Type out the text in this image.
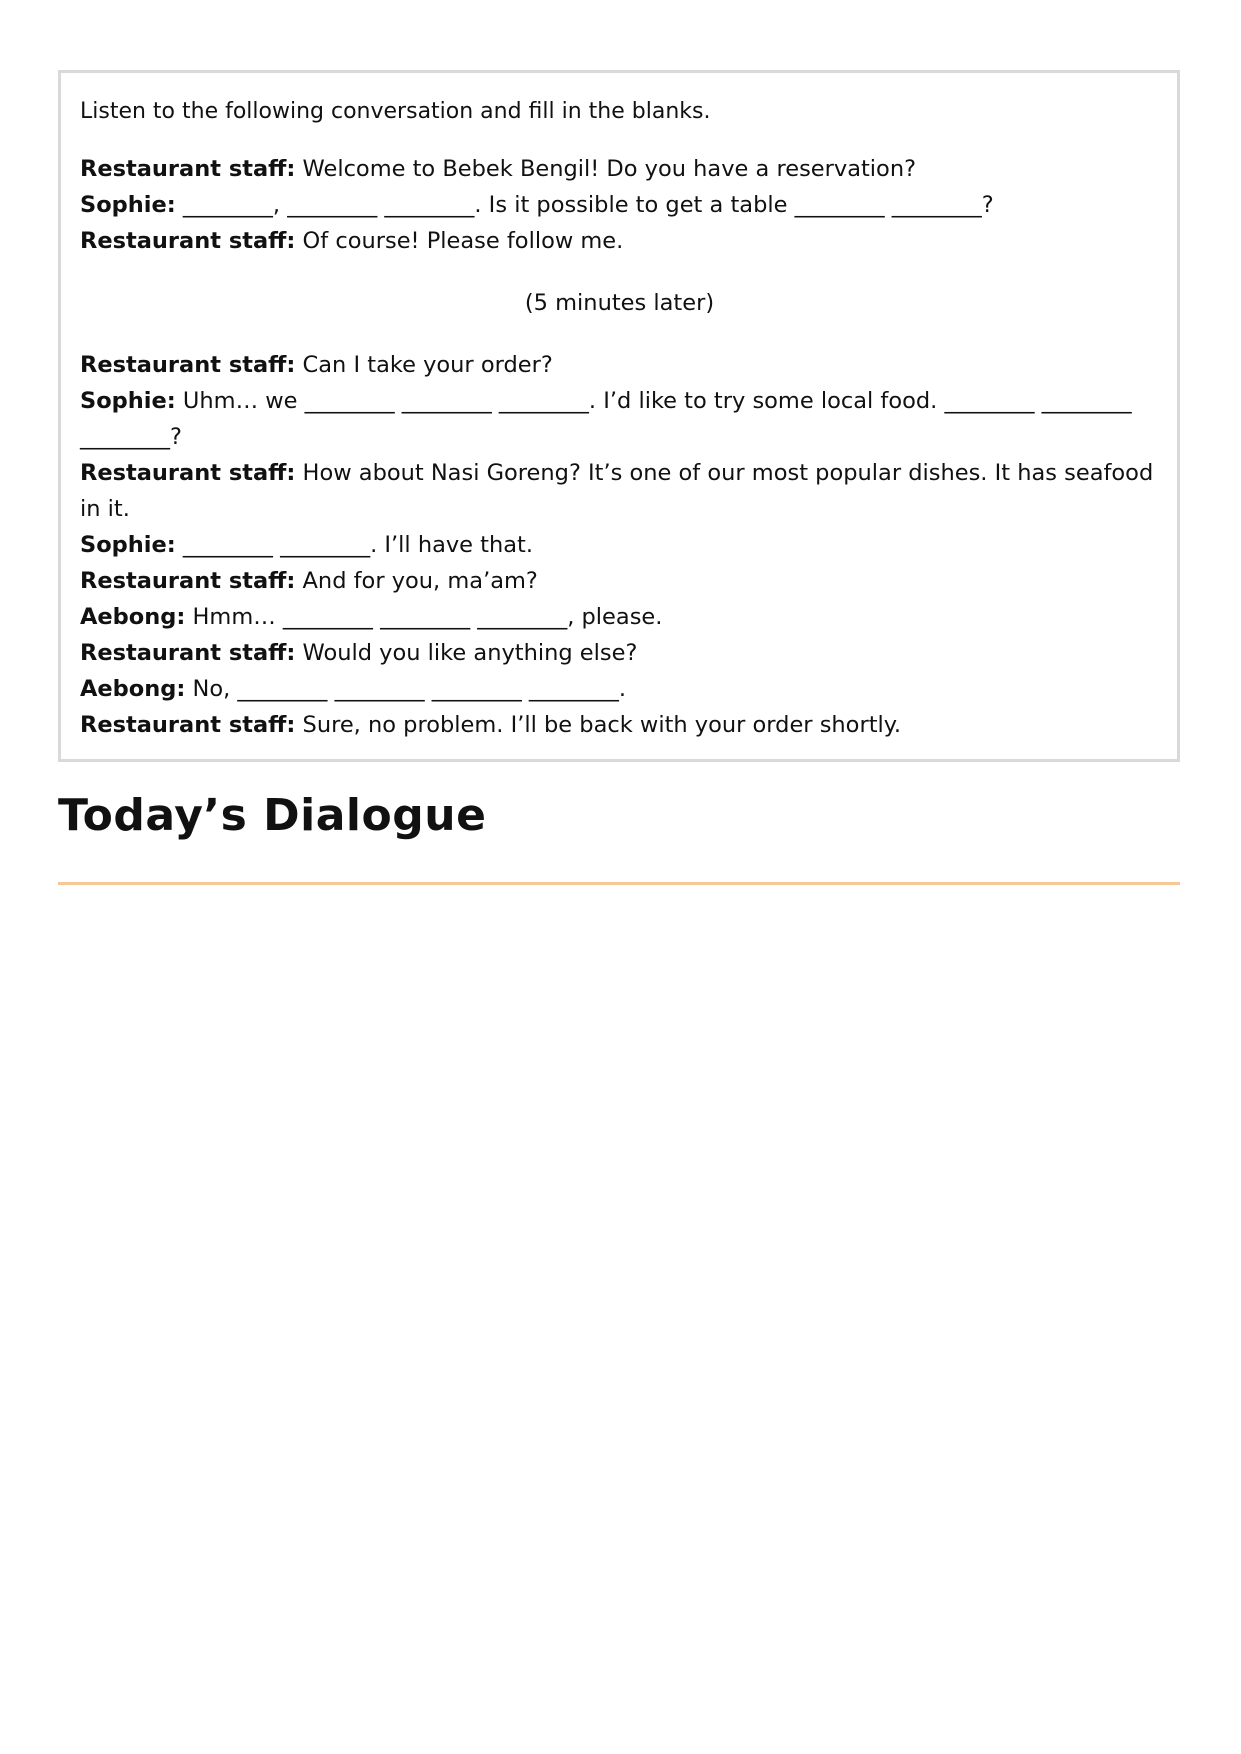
Listen to the following conversation and fill in the blanks.

Restaurant staff: Welcome to Bebek Bengil! Do you have a reservation?

Sophie: ________, ________ ________. Is it possible to get a table ________ ________?

Restaurant staff: Of course! Please follow me.

(5 minutes later)

Restaurant staff: Can I take your order?

Sophie: Uhm… we ________ ________ ________. I’d like to try some local food. ________ ________ ________?

Restaurant staff: How about Nasi Goreng? It’s one of our most popular dishes. It has seafood in it.

Sophie: ________ ________. I’ll have that.

Restaurant staff: And for you, ma’am?

Aebong: Hmm… ________ ________ ________, please.

Restaurant staff: Would you like anything else?

Aebong: No, ________ ________ ________ ________.

Restaurant staff: Sure, no problem. I’ll be back with your order shortly.

Today’s Dialogue
